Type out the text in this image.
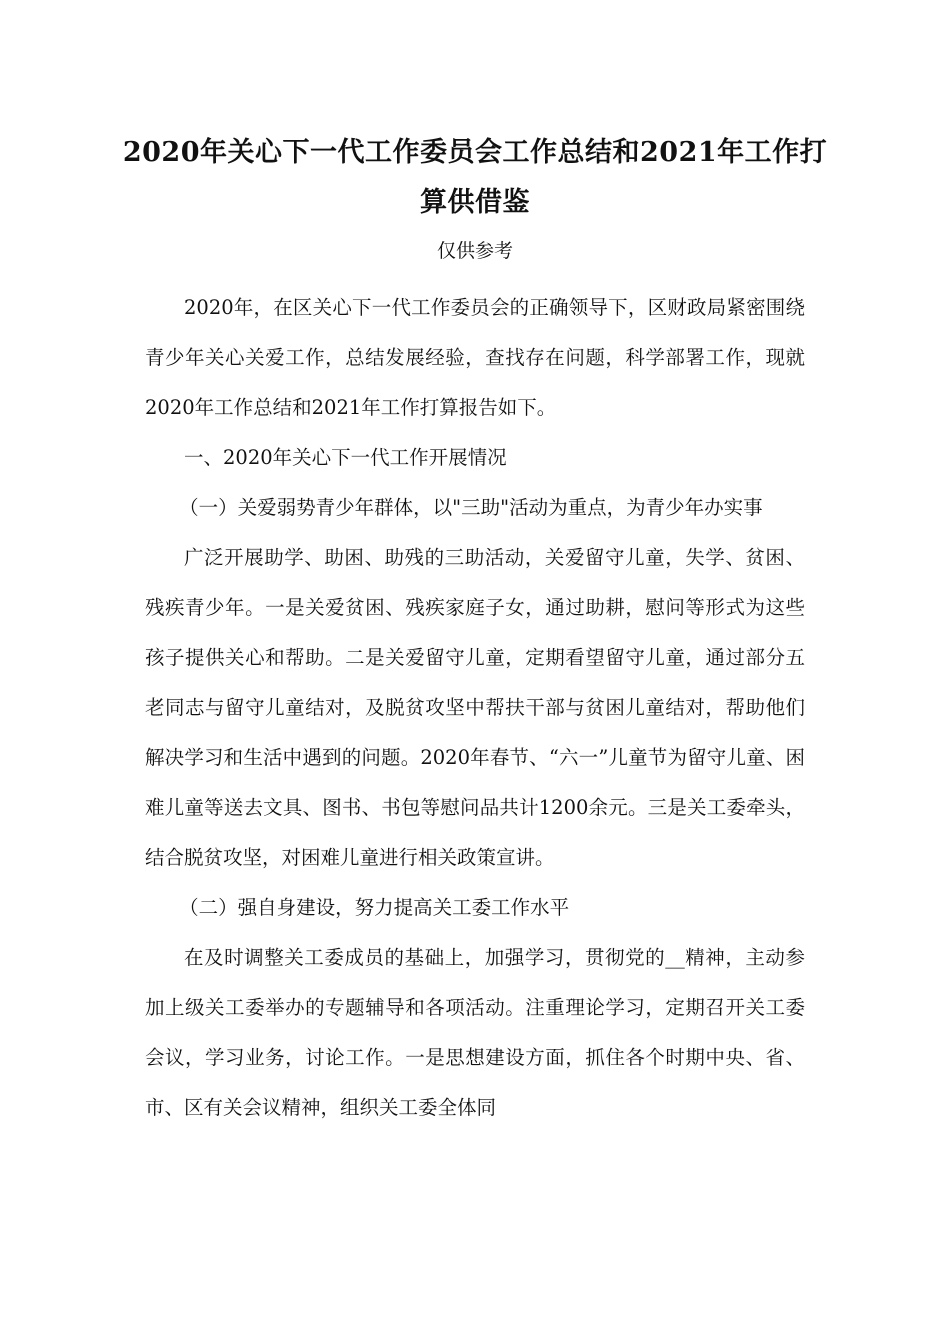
2020年关心下一代工作委员会工作总结和2021年工作打算供借鉴
仅供参考

2020年，在区关心下一代工作委员会的正确领导下，区财政局紧密围绕青少年关心关爱工作，总结发展经验，查找存在问题，科学部署工作，现就2020年工作总结和2021年工作打算报告如下。

一、2020年关心下一代工作开展情况

（一）关爱弱势青少年群体，以"三助"活动为重点，为青少年办实事

广泛开展助学、助困、助残的三助活动，关爱留守儿童，失学、贫困、残疾青少年。一是关爱贫困、残疾家庭子女，通过助耕，慰问等形式为这些孩子提供关心和帮助。二是关爱留守儿童，定期看望留守儿童，通过部分五老同志与留守儿童结对，及脱贫攻坚中帮扶干部与贫困儿童结对，帮助他们解决学习和生活中遇到的问题。2020年春节、“六一”儿童节为留守儿童、困难儿童等送去文具、图书、书包等慰问品共计1200余元。三是关工委牵头，结合脱贫攻坚，对困难儿童进行相关政策宣讲。

（二）强自身建设，努力提高关工委工作水平

在及时调整关工委成员的基础上，加强学习，贯彻党的__精神，主动参加上级关工委举办的专题辅导和各项活动。注重理论学习，定期召开关工委会议，学习业务，讨论工作。一是思想建设方面，抓住各个时期中央、省、市、区有关会议精神，组织关工委全体同
